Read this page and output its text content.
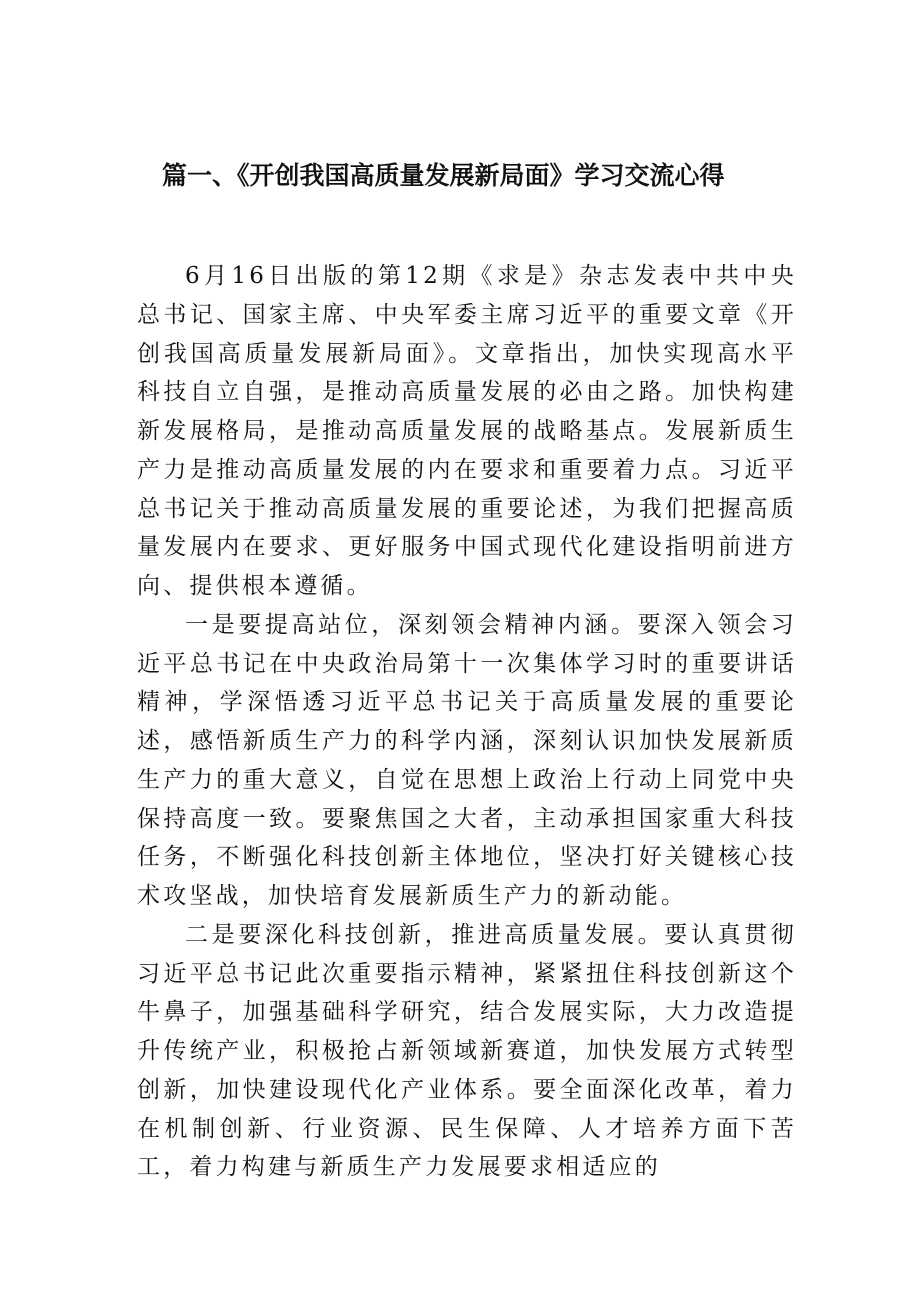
篇一、《开创我国高质量发展新局面》学习交流心得

6月16日出版的第12期《求是》杂志发表中共中央总书记、国家主席、中央军委主席习近平的重要文章《开创我国高质量发展新局面》。文章指出，加快实现高水平科技自立自强，是推动高质量发展的必由之路。加快构建新发展格局，是推动高质量发展的战略基点。发展新质生产力是推动高质量发展的内在要求和重要着力点。习近平总书记关于推动高质量发展的重要论述，为我们把握高质量发展内在要求、更好服务中国式现代化建设指明前进方向、提供根本遵循。

一是要提高站位，深刻领会精神内涵。要深入领会习近平总书记在中央政治局第十一次集体学习时的重要讲话精神，学深悟透习近平总书记关于高质量发展的重要论述，感悟新质生产力的科学内涵，深刻认识加快发展新质生产力的重大意义，自觉在思想上政治上行动上同党中央保持高度一致。要聚焦国之大者，主动承担国家重大科技任务，不断强化科技创新主体地位，坚决打好关键核心技术攻坚战，加快培育发展新质生产力的新动能。

二是要深化科技创新，推进高质量发展。要认真贯彻习近平总书记此次重要指示精神，紧紧扭住科技创新这个牛鼻子，加强基础科学研究，结合发展实际，大力改造提升传统产业，积极抢占新领域新赛道，加快发展方式转型创新，加快建设现代化产业体系。要全面深化改革，着力在机制创新、行业资源、民生保障、人才培养方面下苦工，着力构建与新质生产力发展要求相适应的
